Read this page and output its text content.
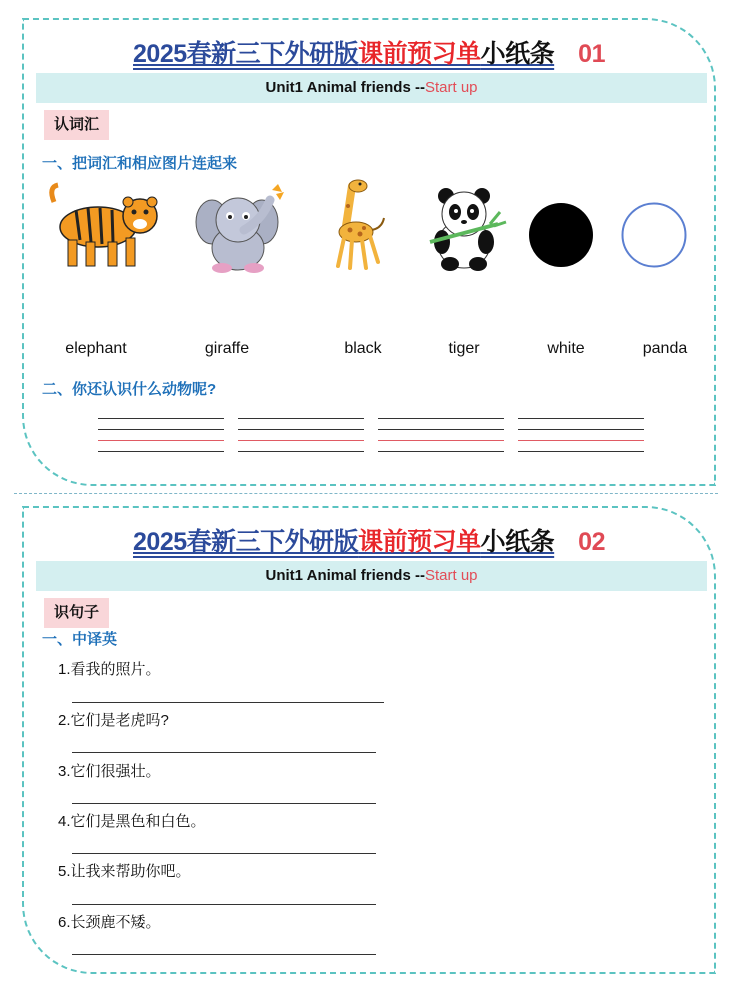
2025春新三下外研版课前预习单小纸条 01
Unit1 Animal friends --Start up
认词汇
一、把词汇和相应图片连起来
elephant	giraffe	black	tiger	white	panda
二、你还认识什么动物呢?
2025春新三下外研版课前预习单小纸条 02
Unit1 Animal friends --Start up
识句子
一、中译英
1.看我的照片。
2.它们是老虎吗?
3.它们很强壮。
4.它们是黑色和白色。
5.让我来帮助你吧。
6.长颈鹿不矮。
